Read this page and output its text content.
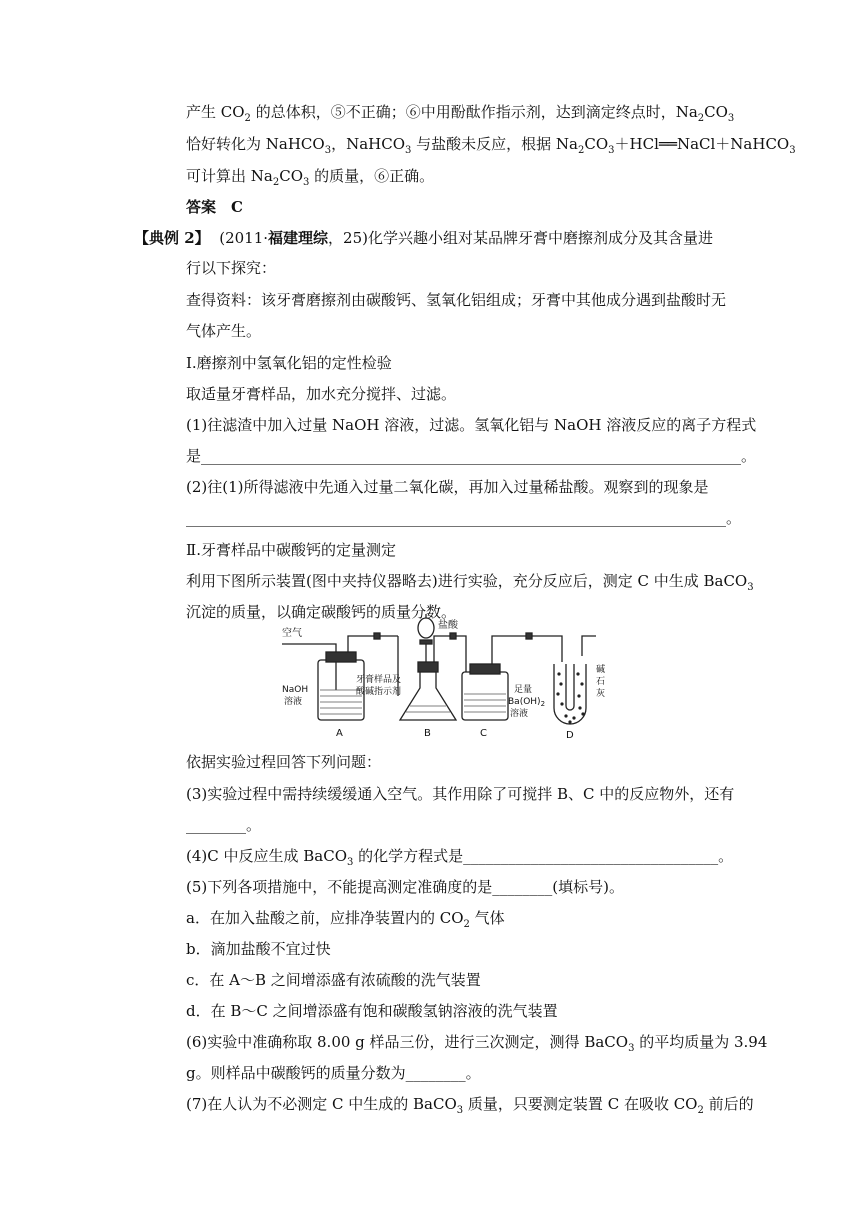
产生 $CO_2$ 的总体积，⑤不正确；⑥中用酚酞作指示剂，达到滴定终点时，$Na_2CO_3$
恰好转化为 NaHCO$_3$，NaHCO$_3$ 与盐酸未反应，根据 $Na_2CO_3+HCl══NaCl+NaHCO_3$
可计算出 $Na_2CO_3$ 的质量，⑥正确。
答案　C
【典例 2】 (2011·福建理综，25)化学兴趣小组对某品牌牙膏中磨擦剂成分及其含量进
行以下探究：
查得资料：该牙膏磨擦剂由碳酸钙、氢氧化铝组成；牙膏中其他成分遇到盐酸时无
气体产生。
Ⅰ.磨擦剂中氢氧化铝的定性检验
取适量牙膏样品，加水充分搅拌、过滤。
(1)往滤渣中加入过量 NaOH 溶液，过滤。氢氧化铝与 NaOH 溶液反应的离子方程式
是________________________________________________________________________。
(2)往(1)所得滤液中先通入过量二氧化碳，再加入过量稀盐酸。观察到的现象是
________________________________________________________________________。
Ⅱ.牙膏样品中碳酸钙的定量测定
利用下图所示装置(图中夹持仪器略去)进行实验，充分反应后，测定 C 中生成 BaCO$_3$
沉淀的质量，以确定碳酸钙的质量分数。
空气
盐酸
NaOH
溶液
牙膏样品及
酸碱指示剂	足量
$Ba(OH)_2$
溶液
碱
石
灰
A	B	C	D
依据实验过程回答下列问题：
(3)实验过程中需持续缓缓通入空气。其作用除了可搅拌 B、C 中的反应物外，还有
________。
(4)C 中反应生成 BaCO$_3$ 的化学方程式是__________________________________。
(5)下列各项措施中，不能提高测定准确度的是________(填标号)。
a．在加入盐酸之前，应排净装置内的 $CO_2$ 气体
b．滴加盐酸不宜过快
c．在 A～B 之间增添盛有浓硫酸的洗气装置
d．在 B～C 之间增添盛有饱和碳酸氢钠溶液的洗气装置
(6)实验中准确称取 8.00 g 样品三份，进行三次测定，测得 BaCO$_3$ 的平均质量为 3.94
g。则样品中碳酸钙的质量分数为________。
(7)在人认为不必测定 C 中生成的 BaCO$_3$ 质量，只要测定装置 C 在吸收 $CO_2$ 前后的
